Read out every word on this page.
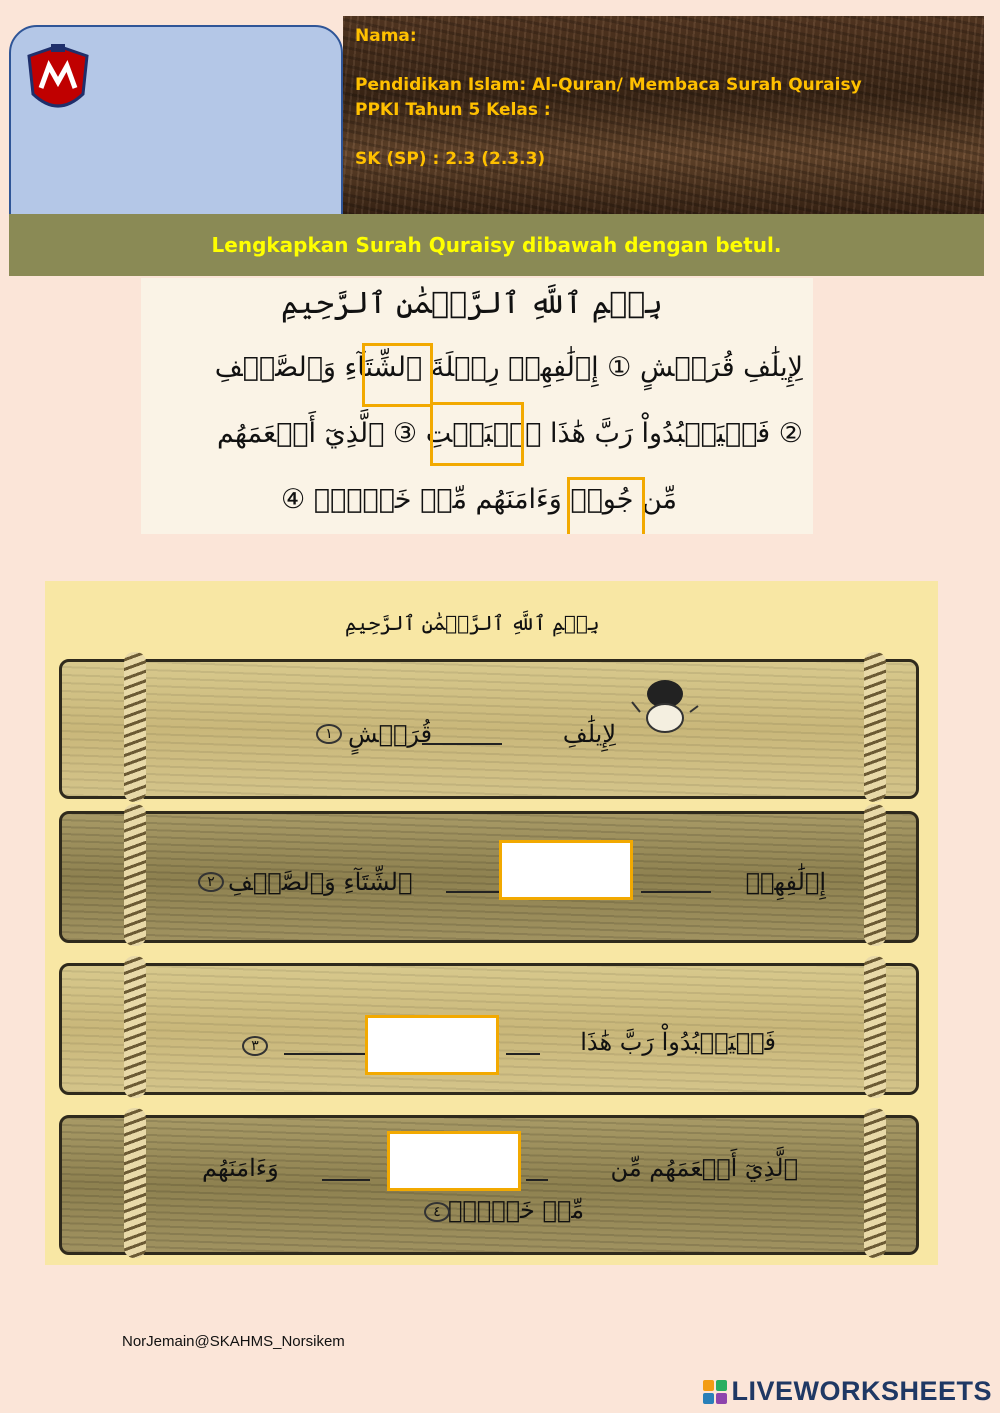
Nama:
Pendidikan Islam: Al-Quran/ Membaca Surah Quraisy
PPKI Tahun 5 Kelas :
SK (SP) : 2.3 (2.3.3)
Lengkapkan Surah Quraisy dibawah dengan betul.
بِسۡمِ ٱللَّهِ ٱلرَّحۡمَٰنِ ٱلرَّحِيمِ
لِإِيلَٰفِ قُرَيۡشٍ ① إِۦلَٰفِهِمۡ رِحۡلَةَ ٱلشِّتَآءِ وَٱلصَّيۡفِ
② فَلۡيَعۡبُدُواْ رَبَّ هَٰذَا ٱلۡبَيۡتِ ③ ٱلَّذِيٓ أَطۡعَمَهُم
مِّن جُوعٖ وَءَامَنَهُم مِّنۡ خَوۡفِۭ ④
بِسۡمِ ٱللَّهِ ٱلرَّحۡمَٰنِ ٱلرَّحِيمِ
لِإِيلَٰفِ
قُرَيۡشٍ
١
إِۦلَٰفِهِمۡ
ٱلشِّتَآءِ وَٱلصَّيۡفِ
٢
فَلۡيَعۡبُدُواْ رَبَّ هَٰذَا
٣
ٱلَّذِيٓ أَطۡعَمَهُم مِّن
وَءَامَنَهُم
مِّنۡ خَوۡفِۭ
٤
NorJemain@SKAHMS_Norsikem
LIVEWORKSHEETS
